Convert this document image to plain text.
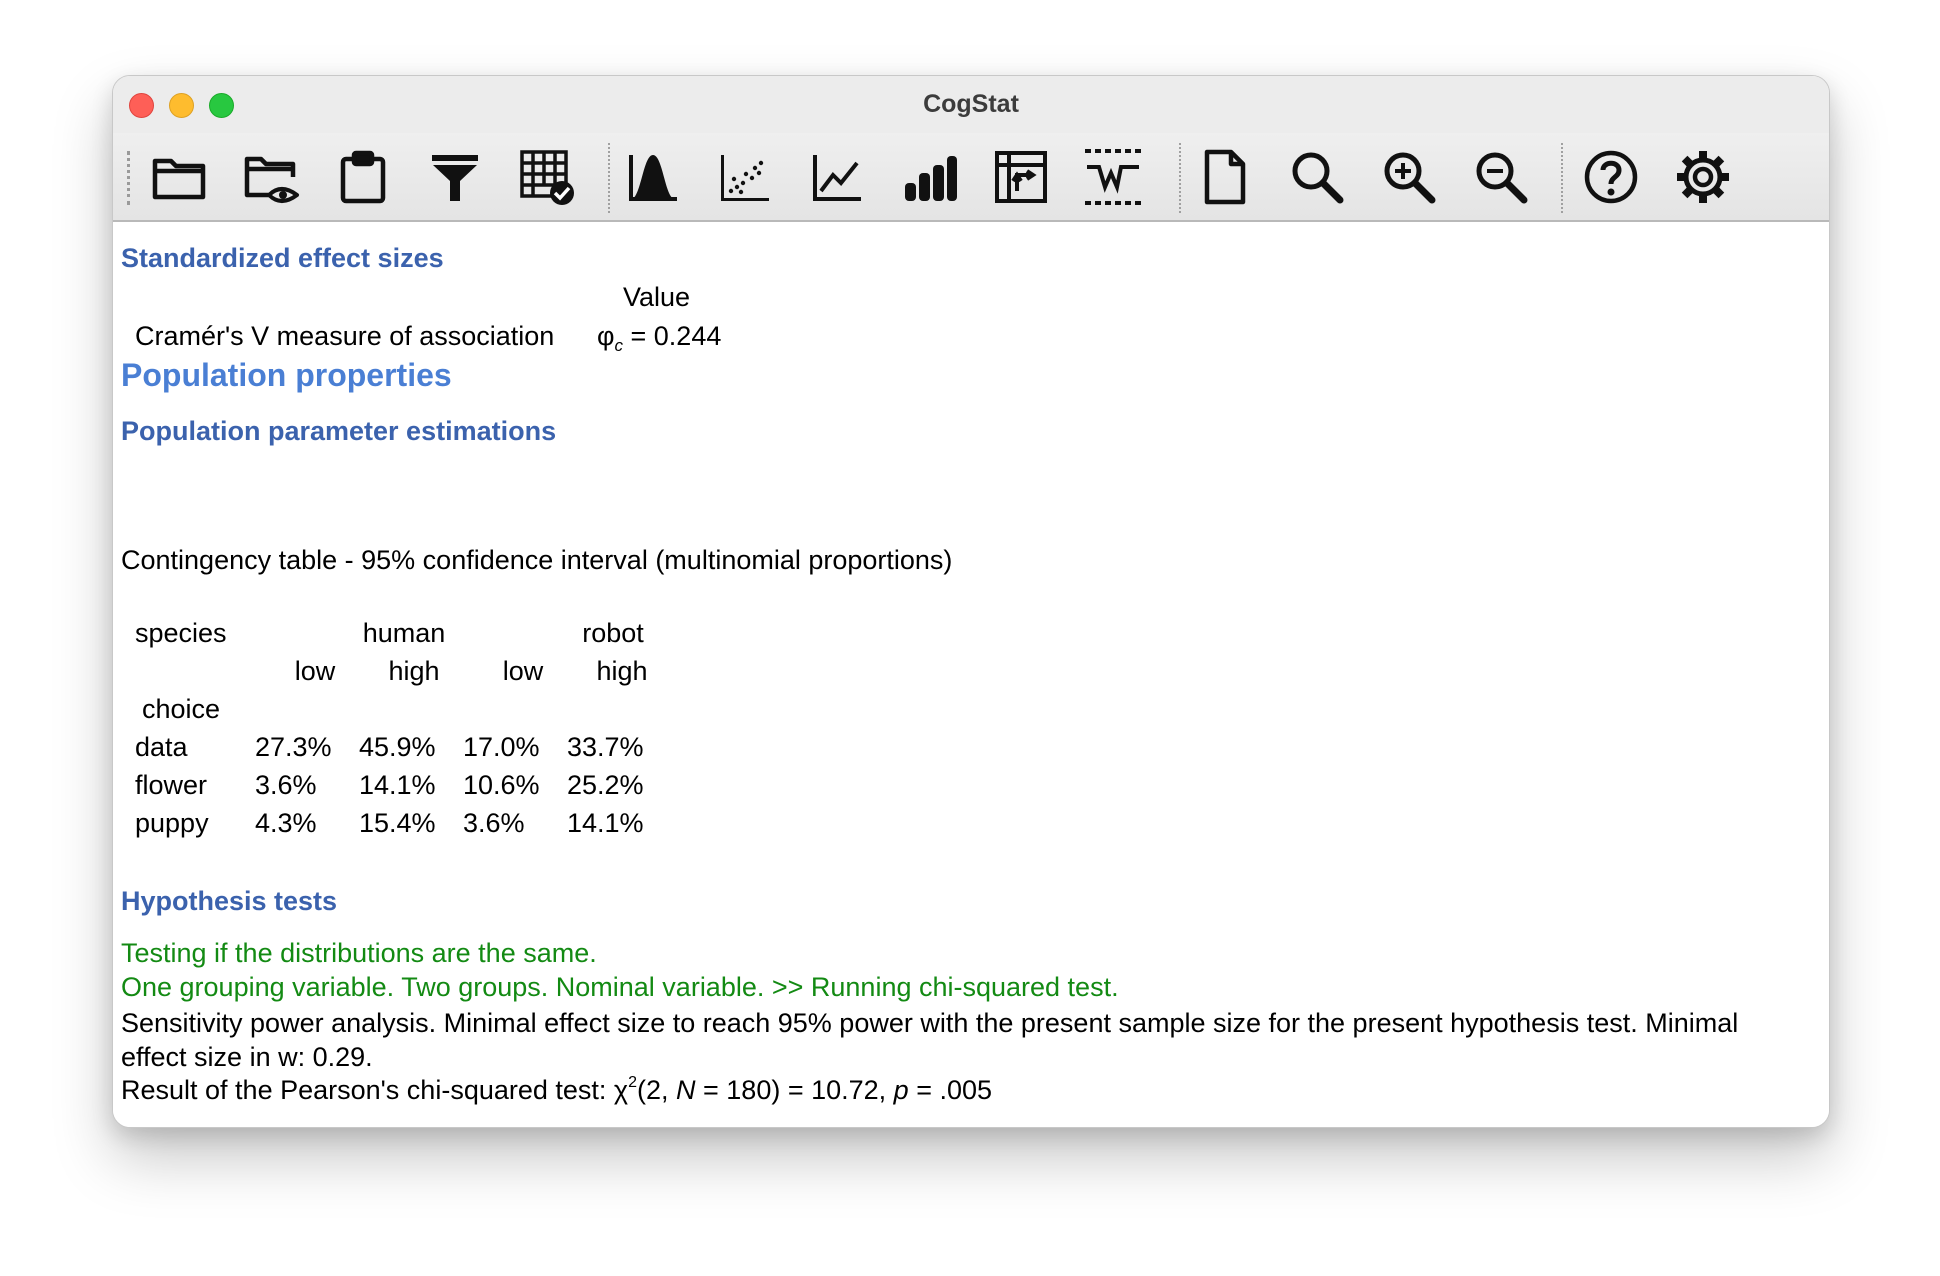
CogStat
Standardized effect sizes
Value
Cramér's V measure of association $\varphi_c = 0.244$
Population properties
Population parameter estimations
Contingency table - 95% confidence interval (multinomial proportions)
species	human	robot
low	high	low	high
choice
data 27.3% 45.9% 17.0% 33.7%
flower 3.6% 14.1% 10.6% 25.2%
puppy 4.3% 15.4% 3.6% 14.1%
Hypothesis tests
Testing if the distributions are the same.
One grouping variable. Two groups. Nominal variable. >> Running chi-squared test.
Sensitivity power analysis. Minimal effect size to reach 95% power with the present sample size for the present hypothesis test. Minimal effect size in w: 0.29.
Result of the Pearson's chi-squared test: $\chi^2(2$, N = 180) = 10.72, p = .005
